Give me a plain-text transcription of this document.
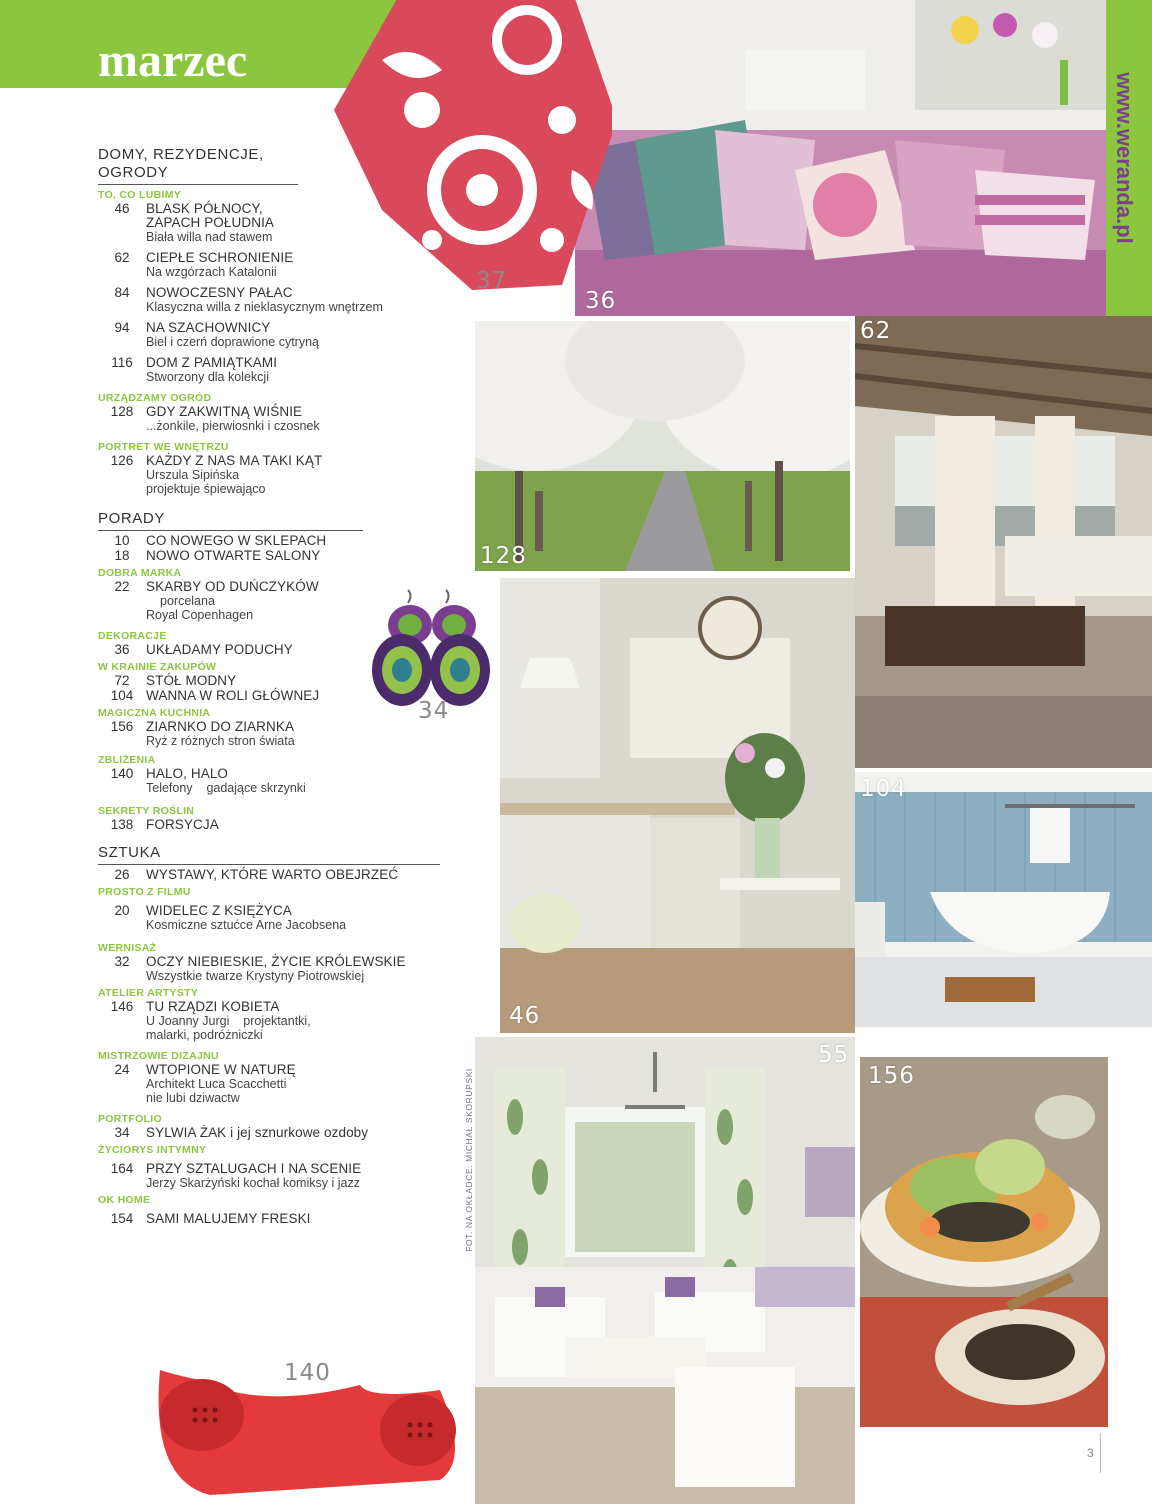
marzec
www.weranda.pl
37
36
128
62
46
104
34
55
156
140
FOT. NA OKŁADCE: MICHAŁ SKORUPSKI
DOMY, REZYDENCJE, OGRODY
TO, CO LUBIMY
46	BLASK PÓŁNOCY,
ZAPACH POŁUDNIA
Biała willa nad stawem
62	CIEPŁE SCHRONIENIE
Na wzgórzach Katalonii
84	NOWOCZESNY PAŁAC
Klasyczna willa z nieklasycznym wnętrzem
94	NA SZACHOWNICY
Biel i czerń doprawione cytryną
116 DOM Z PAMIĄTKAMI
Stworzony dla kolekcji
URZĄDZAMY OGRÓD
128 GDY ZAKWITNĄ WIŚNIE
...żonkile, pierwiosnki i czosnek
PORTRET WE WNĘTRZU
126 KAŻDY Z NAS MA TAKI KĄT
Urszula Sipińska
projektuje śpiewająco
PORADY
10	CO NOWEGO W SKLEPACH
18	NOWO OTWARTE SALONY
DOBRA MARKA
22	SKARBY OD DUŃCZYKÓW
porcelana
Royal Copenhagen
DEKORACJE
36	UKŁADAMY PODUCHY
W KRAINIE ZAKUPÓW
72	STÓŁ MODNY
104 WANNA W ROLI GŁÓWNEJ
MAGICZNA KUCHNIA
156 ZIARNKO DO ZIARNKA
Ryż z różnych stron świata
ZBLIŻENIA
140 HALO, HALO
Telefony    gadające skrzynki
SEKRETY ROŚLIN
138 FORSYCJA
SZTUKA
26	WYSTAWY, KTÓRE WARTO OBEJRZEĆ
PROSTO Z FILMU
20	WIDELEC Z KSIĘŻYCA
Kosmiczne sztućce Arne Jacobsena
WERNISAŻ
32	OCZY NIEBIESKIE, ŻYCIE KRÓLEWSKIE
Wszystkie twarze Krystyny Piotrowskiej
ATELIER ARTYSTY
146 TU RZĄDZI KOBIETA
U Joanny Jurgi    projektantki,
malarki, podróżniczki
MISTRZOWIE DIZAJNU
24	WTOPIONE W NATURĘ
Architekt Luca Scacchetti
nie lubi dziwactw
PORTFOLIO
34	SYLWIA ŻAK i jej sznurkowe ozdoby
ŻYCIORYS INTYMNY
164 PRZY SZTALUGACH I NA SCENIE
Jerzy Skarżyński kochał komiksy i jazz
OK HOME
154 SAMI MALUJEMY FRESKI
3
